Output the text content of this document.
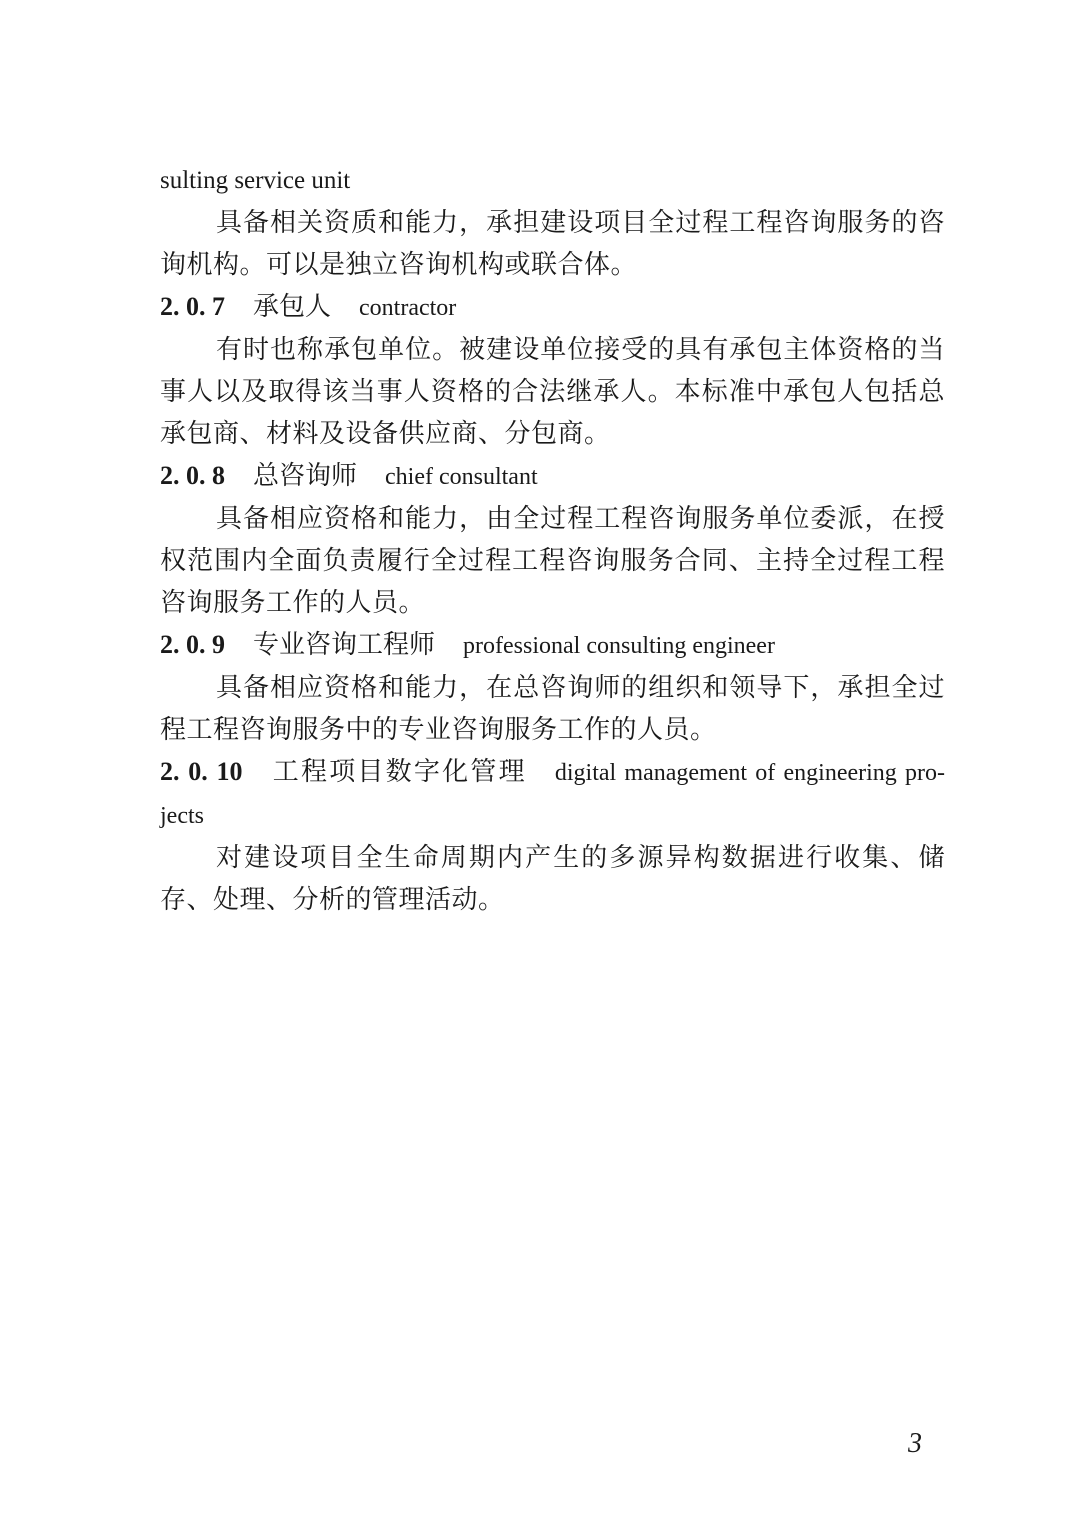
sulting service unit

具备相关资质和能力，承担建设项目全过程工程咨询服务的咨询机构。可以是独立咨询机构或联合体。

2. 0. 7 承包人 contractor

有时也称承包单位。被建设单位接受的具有承包主体资格的当事人以及取得该当事人资格的合法继承人。本标准中承包人包括总承包商、材料及设备供应商、分包商。

2. 0. 8 总咨询师 chief consultant

具备相应资格和能力，由全过程工程咨询服务单位委派，在授权范围内全面负责履行全过程工程咨询服务合同、主持全过程工程咨询服务工作的人员。

2. 0. 9 专业咨询工程师 professional consulting engineer

具备相应资格和能力，在总咨询师的组织和领导下，承担全过程工程咨询服务中的专业咨询服务工作的人员。

2. 0. 10 工程项目数字化管理 digital management of engineering pro-jects

对建设项目全生命周期内产生的多源异构数据进行收集、储存、处理、分析的管理活动。

3
